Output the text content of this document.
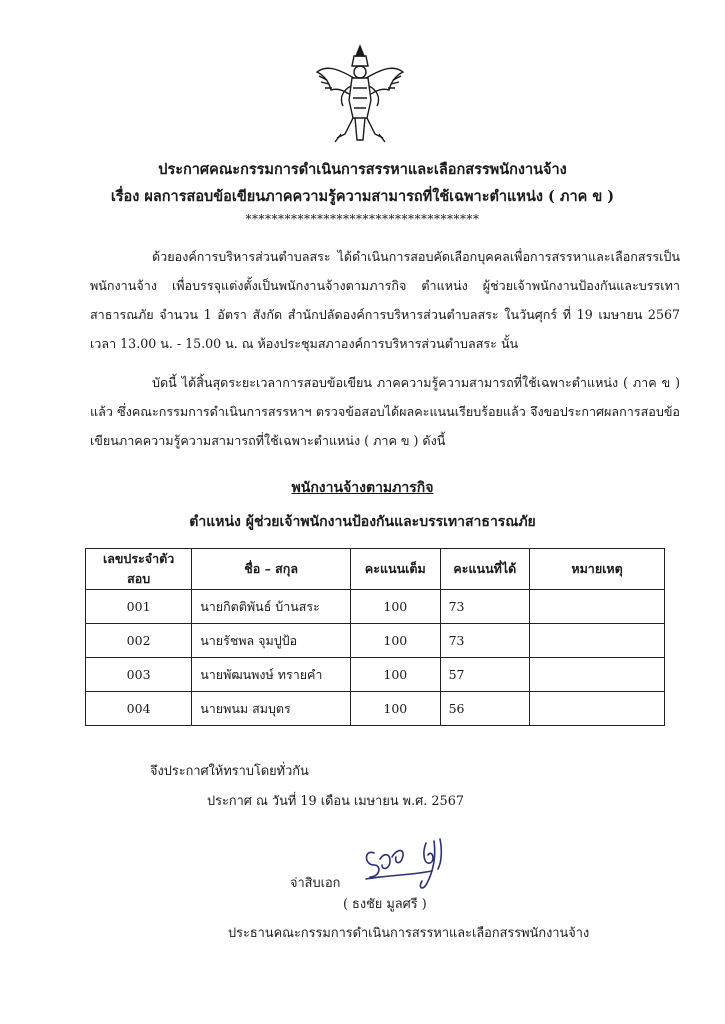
ประกาศคณะกรรมการดำเนินการสรรหาและเลือกสรรพนักงานจ้าง
เรื่อง ผลการสอบข้อเขียนภาคความรู้ความสามารถที่ใช้เฉพาะตำแหน่ง ( ภาค ข )
************************************
ด้วยองค์การบริหารส่วนตำบลสระ ได้ดำเนินการสอบคัดเลือกบุคคลเพื่อการสรรหาและเลือกสรรเป็นพนักงานจ้าง เพื่อบรรจุแต่งตั้งเป็นพนักงานจ้างตามภารกิจ ตำแหน่ง ผู้ช่วยเจ้าพนักงานป้องกันและบรรเทาสาธารณภัย จำนวน 1 อัตรา สังกัด สำนักปลัดองค์การบริหารส่วนตำบลสระ ในวันศุกร์ ที่ 19 เมษายน 2567 เวลา 13.00 น. - 15.00 น. ณ ห้องประชุมสภาองค์การบริหารส่วนตำบลสระ นั้น
บัดนี้ ได้สิ้นสุดระยะเวลาการสอบข้อเขียน ภาคความรู้ความสามารถที่ใช้เฉพาะตำแหน่ง ( ภาค ข ) แล้ว ซึ่งคณะกรรมการดำเนินการสรรหาฯ ตรวจข้อสอบได้ผลคะแนนเรียบร้อยแล้ว จึงขอประกาศผลการสอบข้อเขียนภาคความรู้ความสามารถที่ใช้เฉพาะตำแหน่ง ( ภาค ข ) ดังนี้
พนักงานจ้างตามภารกิจ
ตำแหน่ง ผู้ช่วยเจ้าพนักงานป้องกันและบรรเทาสาธารณภัย
เลขประจำตัวสอบ	ชื่อ – สกุล	คะแนนเต็ม	คะแนนที่ได้	หมายเหตุ
001	นายกิตติพันธ์ บ้านสระ	100	73	
002	นายรัชพล จุมปูป้อ	100	73	
003	นายพัฒนพงษ์ ทรายคำ	100	57	
004	นายพนม สมบุตร	100	56	
จึงประกาศให้ทราบโดยทั่วกัน
ประกาศ ณ วันที่ 19 เดือน เมษายน พ.ศ. 2567
จ่าสิบเอก
( ธงชัย มูลศรี )
ประธานคณะกรรมการดำเนินการสรรหาและเลือกสรรพนักงานจ้าง
